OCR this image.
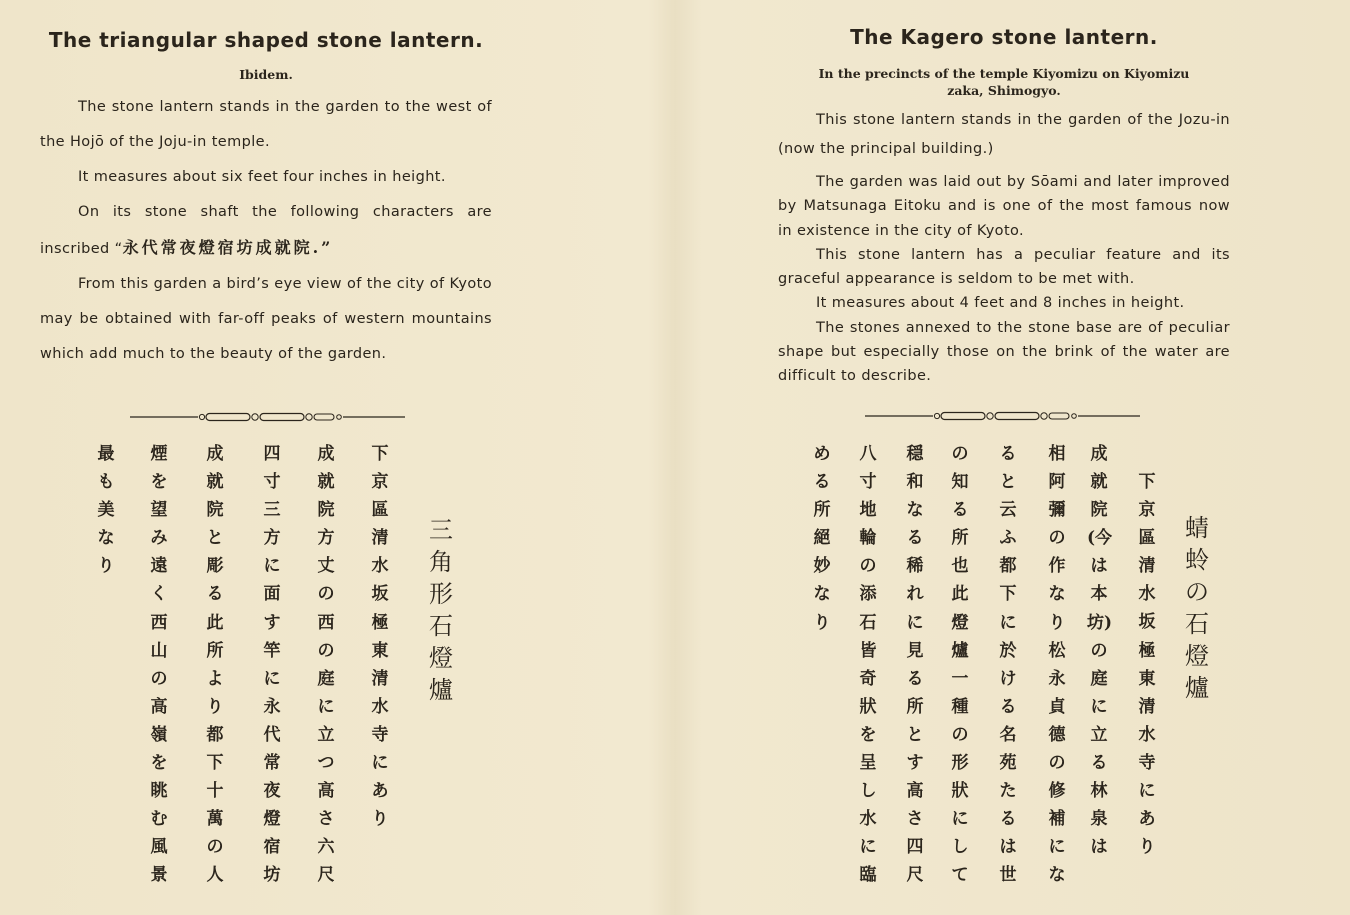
The triangular shaped stone lantern.
Ibidem.

The stone lantern stands in the garden to the west of the Hojō of the Joju-in temple.

It measures about six feet four inches in height.

On its stone shaft the following characters are inscribed “永代常夜燈宿坊成就院.”

From this garden a bird’s eye view of the city of Kyoto may be obtained with far-off peaks of western mountains which add much to the beauty of the garden.

三角形石燈爐
下京區清水坂極東清水寺にあり
成就院方丈の西の庭に立つ高さ六尺
四寸三方に面す竿に永代常夜燈宿坊
成就院と彫る此所より都下十萬の人
煙を望み遠く西山の高嶺を眺む風景
最も美なり
The Kagero stone lantern.
In the precincts of the temple Kiyomizu on Kiyomizu zaka, Shimogyo.

This stone lantern stands in the garden of the Jozu-in (now the principal building.)

The garden was laid out by Sōami and later improved by Matsunaga Eitoku and is one of the most famous now in existence in the city of Kyoto.

This stone lantern has a peculiar feature and its graceful appearance is seldom to be met with.

It measures about 4 feet and 8 inches in height.

The stones annexed to the stone base are of peculiar shape but especially those on the brink of the water are difficult to describe.

蜻蛉の石燈爐
下京區清水坂極東清水寺にあり
成就院(今は本坊)の庭に立る林泉は
相阿彌の作なり松永貞德の修補にな
ると云ふ都下に於ける名苑たるは世
の知る所也此燈爐一種の形狀にして
穏和なる稀れに見る所とす高さ四尺
八寸地輪の添石皆奇狀を呈し水に臨
める所絕妙なり
